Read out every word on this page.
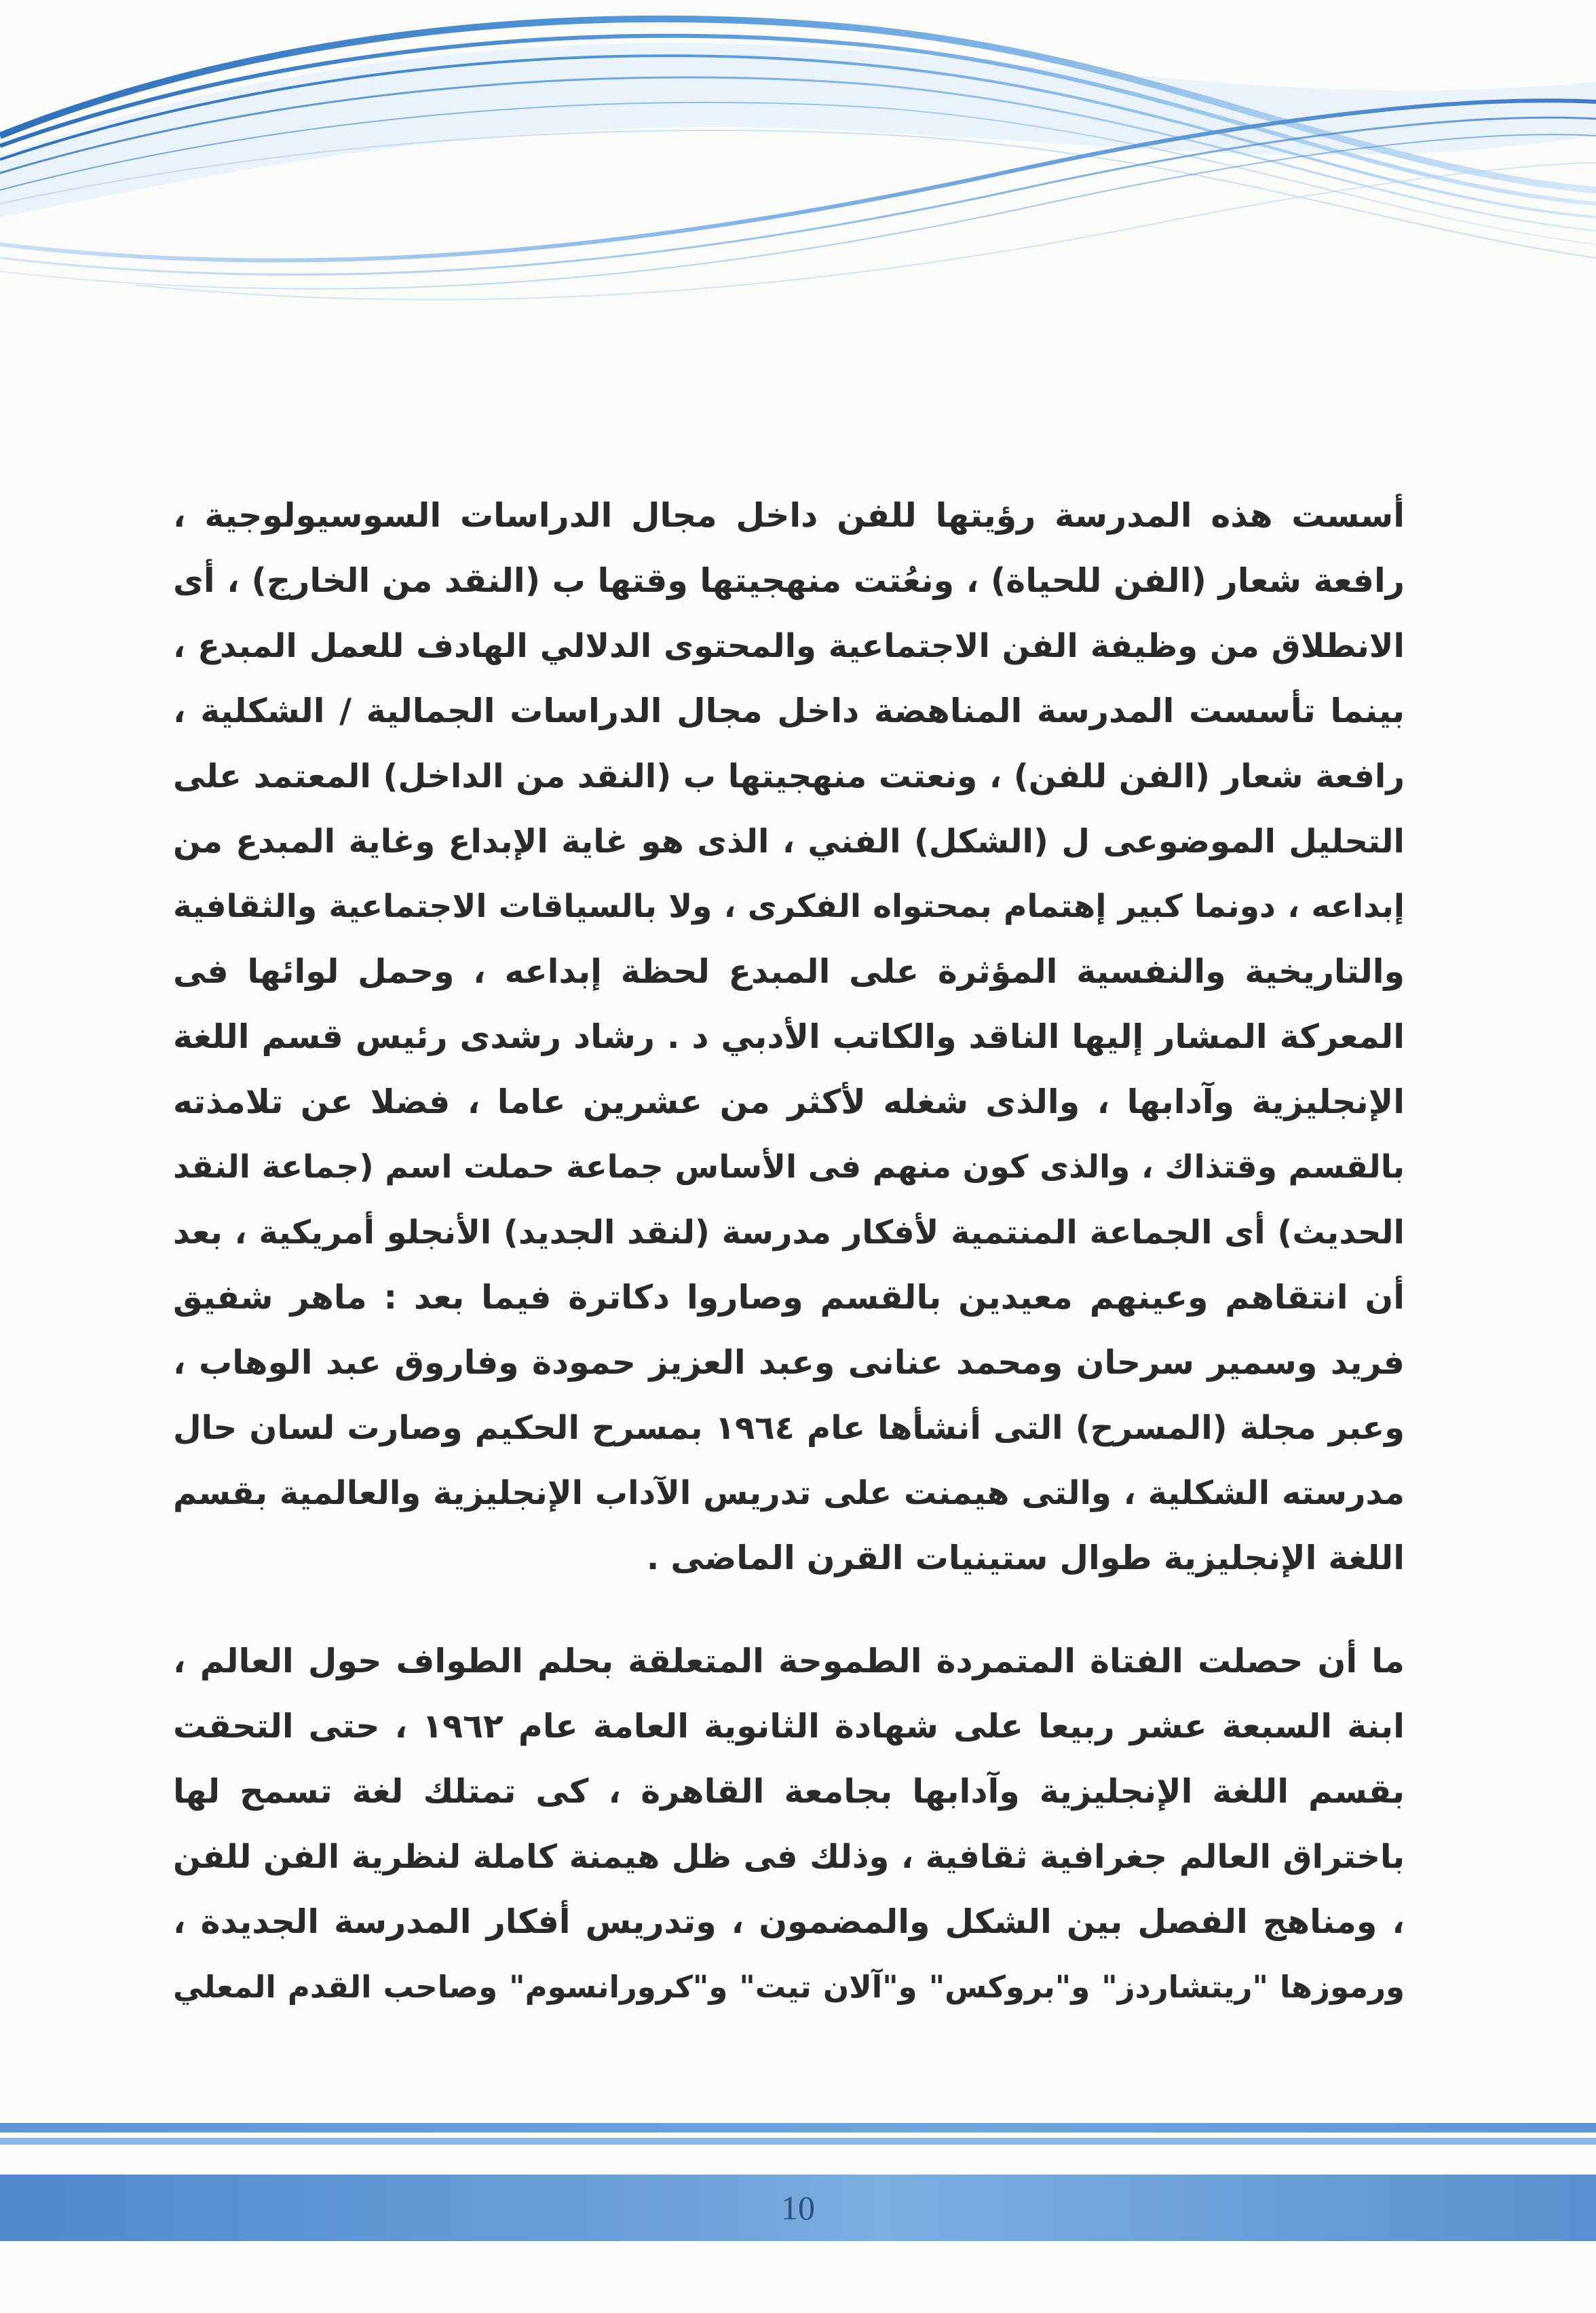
أسست هذه المدرسة رؤيتها للفن داخل مجال الدراسات السوسيولوجية ،
رافعة شعار (الفن للحياة) ، ونعُتت منهجيتها وقتها ب (النقد من الخارج) ، أى
الانطلاق من وظيفة الفن الاجتماعية والمحتوى الدلالي الهادف للعمل المبدع ،
بينما تأسست المدرسة المناهضة داخل مجال الدراسات الجمالية / الشكلية ،
رافعة شعار (الفن للفن) ، ونعتت منهجيتها ب (النقد من الداخل) المعتمد على
التحليل الموضوعى ل (الشكل) الفني ، الذى هو غاية الإبداع وغاية المبدع من
إبداعه ، دونما كبير إهتمام بمحتواه الفكرى ، ولا بالسياقات الاجتماعية والثقافية
والتاريخية والنفسية المؤثرة على المبدع لحظة إبداعه ، وحمل لوائها فى
المعركة المشار إليها الناقد والكاتب الأدبي د . رشاد رشدى رئيس قسم اللغة
الإنجليزية وآدابها ، والذى شغله لأكثر من عشرين عاما ، فضلا عن تلامذته
بالقسم وقتذاك ، والذى كون منهم فى الأساس جماعة حملت اسم (جماعة النقد
الحديث) أى الجماعة المنتمية لأفكار مدرسة (لنقد الجديد) الأنجلو أمريكية ، بعد
أن انتقاهم وعينهم معيدين بالقسم وصاروا دكاترة فيما بعد : ماهر شفيق
فريد وسمير سرحان ومحمد عنانى وعبد العزيز حمودة وفاروق عبد الوهاب ،
وعبر مجلة (المسرح) التى أنشأها عام ١٩٦٤ بمسرح الحكيم وصارت لسان حال
مدرسته الشكلية ، والتى هيمنت على تدريس الآداب الإنجليزية والعالمية بقسم
اللغة الإنجليزية طوال ستينيات القرن الماضى .
ما أن حصلت الفتاة المتمردة الطموحة المتعلقة بحلم الطواف حول العالم ،
ابنة السبعة عشر ربيعا على شهادة الثانوية العامة عام ١٩٦٢ ، حتى التحقت
بقسم اللغة الإنجليزية وآدابها بجامعة القاهرة ، كى تمتلك لغة تسمح لها
باختراق العالم جغرافية ثقافية ، وذلك فى ظل هيمنة كاملة لنظرية الفن للفن
، ومناهج الفصل بين الشكل والمضمون ، وتدريس أفكار المدرسة الجديدة ،
ورموزها "ريتشاردز" و"بروكس" و"آلان تيت" و"كرورانسوم" وصاحب القدم المعلي
10
